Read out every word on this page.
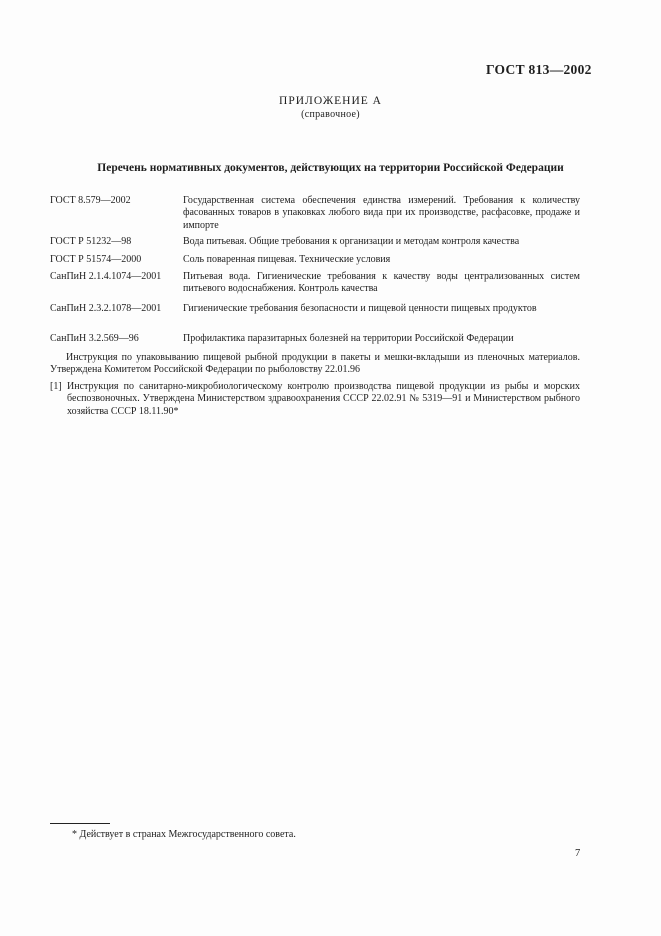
ГОСТ 813—2002
ПРИЛОЖЕНИЕ А
(справочное)
Перечень нормативных документов, действующих на территории Российской Федерации
ГОСТ 8.579—2002	Государственная система обеспечения единства измерений. Требования к количеству фасованных товаров в упаковках любого вида при их производстве, расфасовке, продаже и импорте
ГОСТ Р 51232—98	Вода питьевая. Общие требования к организации и методам контроля качества
ГОСТ Р 51574—2000	Соль поваренная пищевая. Технические условия
СанПиН 2.1.4.1074—2001 Питьевая вода. Гигиенические требования к качеству воды централизованных систем питьевого водоснабжения. Контроль качества
СанПиН 2.3.2.1078—2001 Гигиенические требования безопасности и пищевой ценности пищевых продуктов
СанПиН 3.2.569—96	Профилактика паразитарных болезней на территории Российской Федерации
Инструкция по упаковыванию пищевой рыбной продукции в пакеты и мешки-вкладыши из пленочных материалов. Утверждена Комитетом Российской Федерации по рыболовству 22.01.96
[1] Инструкция по санитарно-микробиологическому контролю производства пищевой продукции из рыбы и морских беспозвоночных. Утверждена Министерством здравоохранения СССР 22.02.91 № 5319—91 и Министерством рыбного хозяйства СССР 18.11.90*
* Действует в странах Межгосударственного совета.
7
